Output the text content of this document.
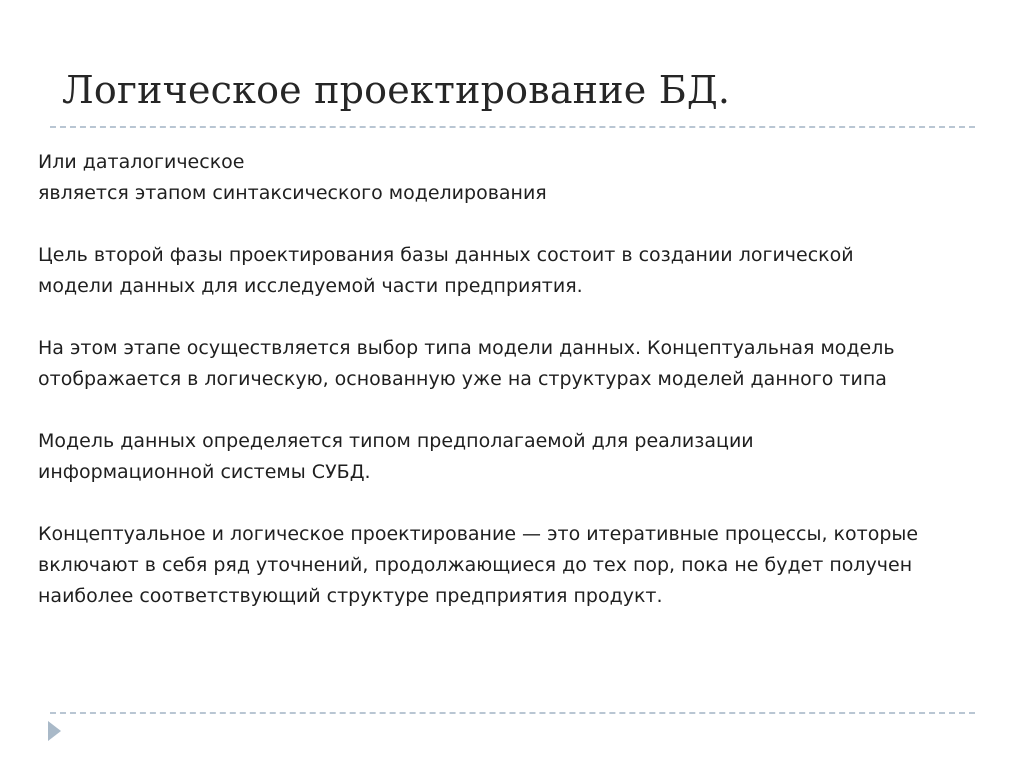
Логическое проектирование БД.

Или даталогическое
является этапом синтаксического моделирования

Цель второй фазы проектирования базы данных состоит в создании логической
модели данных для исследуемой части предприятия.

На этом этапе осуществляется выбор типа модели данных. Концептуальная модель
отображается в логическую, основанную уже на структурах моделей данного типа

Модель данных определяется типом предполагаемой для реализации
информационной системы СУБД.

Концептуальное и логическое проектирование — это итеративные процессы, которые
включают в себя ряд уточнений, продолжающиеся до тех пор, пока не будет получен
наиболее соответствующий структуре предприятия продукт.
